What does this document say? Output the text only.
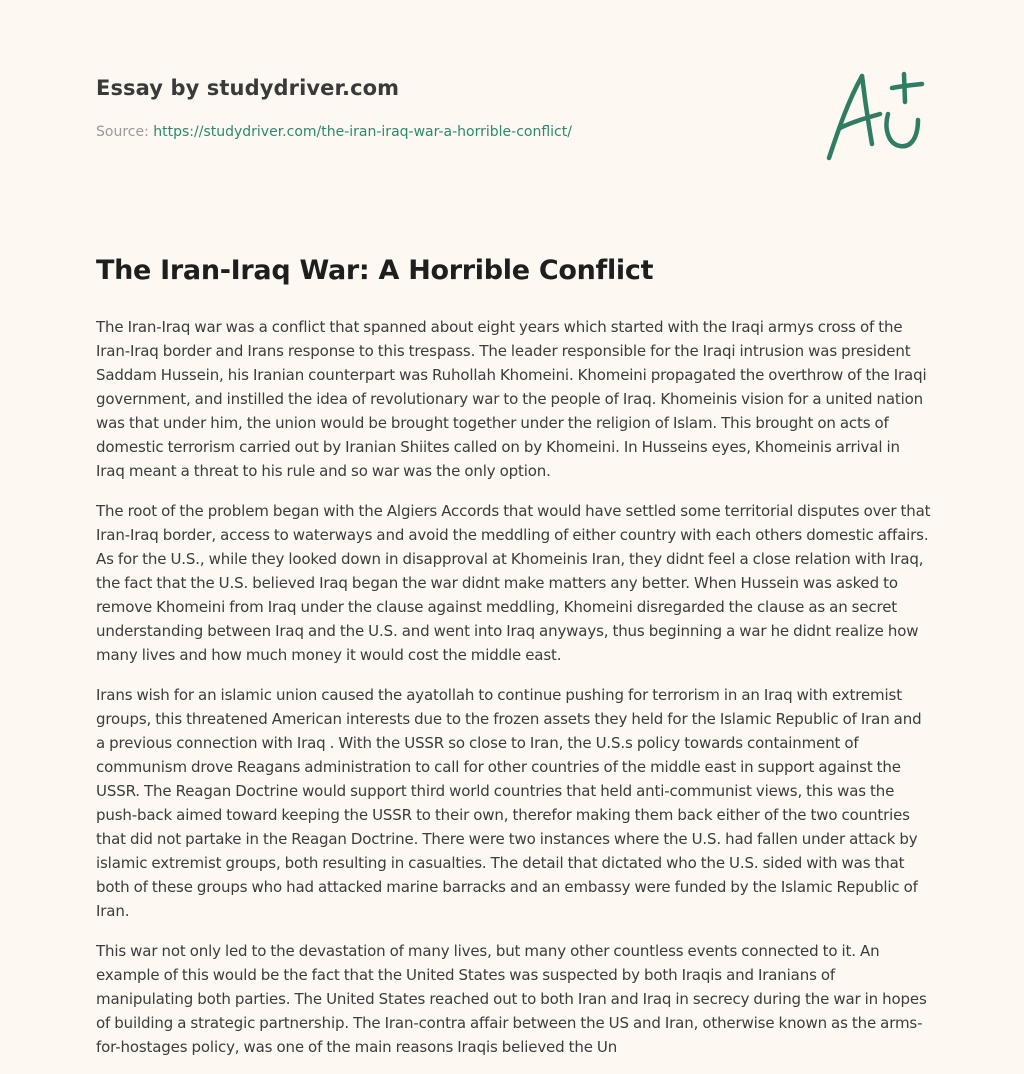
Essay by studydriver.com
Source: https://studydriver.com/the-iran-iraq-war-a-horrible-conflict/
The Iran-Iraq War: A Horrible Conflict

The Iran-Iraq war was a conflict that spanned about eight years which started with the Iraqi armys cross of the Iran-Iraq border and Irans response to this trespass. The leader responsible for the Iraqi intrusion was president Saddam Hussein, his Iranian counterpart was Ruhollah Khomeini. Khomeini propagated the overthrow of the Iraqi government, and instilled the idea of revolutionary war to the people of Iraq. Khomeinis vision for a united nation was that under him, the union would be brought together under the religion of Islam. This brought on acts of domestic terrorism carried out by Iranian Shiites called on by Khomeini. In Husseins eyes, Khomeinis arrival in Iraq meant a threat to his rule and so war was the only option.

The root of the problem began with the Algiers Accords that would have settled some territorial disputes over that Iran-Iraq border, access to waterways and avoid the meddling of either country with each others domestic affairs. As for the U.S., while they looked down in disapproval at Khomeinis Iran, they didnt feel a close relation with Iraq, the fact that the U.S. believed Iraq began the war didnt make matters any better. When Hussein was asked to remove Khomeini from Iraq under the clause against meddling, Khomeini disregarded the clause as an secret understanding between Iraq and the U.S. and went into Iraq anyways, thus beginning a war he didnt realize how many lives and how much money it would cost the middle east.

Irans wish for an islamic union caused the ayatollah to continue pushing for terrorism in an Iraq with extremist groups, this threatened American interests due to the frozen assets they held for the Islamic Republic of Iran and a previous connection with Iraq . With the USSR so close to Iran, the U.S.s policy towards containment of communism drove Reagans administration to call for other countries of the middle east in support against the USSR. The Reagan Doctrine would support third world countries that held anti-communist views, this was the push-back aimed toward keeping the USSR to their own, therefor making them back either of the two countries that did not partake in the Reagan Doctrine. There were two instances where the U.S. had fallen under attack by islamic extremist groups, both resulting in casualties. The detail that dictated who the U.S. sided with was that both of these groups who had attacked marine barracks and an embassy were funded by the Islamic Republic of Iran.

This war not only led to the devastation of many lives, but many other countless events connected to it. An example of this would be the fact that the United States was suspected by both Iraqis and Iranians of manipulating both parties. The United States reached out to both Iran and Iraq in secrecy during the war in hopes of building a strategic partnership. The Iran-contra affair between the US and Iran, otherwise known as the arms-for-hostages policy, was one of the main reasons Iraqis believed the Un
